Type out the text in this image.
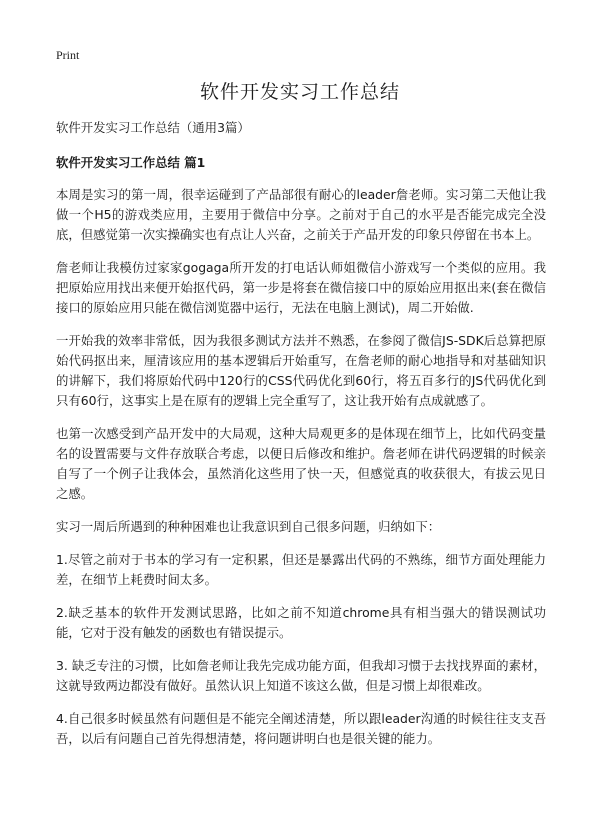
Print
软件开发实习工作总结

软件开发实习工作总结（通用3篇）

软件开发实习工作总结 篇1

本周是实习的第一周，很幸运碰到了产品部很有耐心的leader詹老师。实习第二天他让我做一个H5的游戏类应用，主要用于微信中分享。之前对于自己的水平是否能完成完全没底，但感觉第一次实操确实也有点让人兴奋，之前关于产品开发的印象只停留在书本上。

詹老师让我模仿过家家gogaga所开发的打电话认师姐微信小游戏写一个类似的应用。我把原始应用找出来便开始抠代码，第一步是将套在微信接口中的原始应用抠出来(套在微信接口的原始应用只能在微信浏览器中运行，无法在电脑上测试)，周二开始做.

一开始我的效率非常低，因为我很多测试方法并不熟悉，在参阅了微信JS-SDK后总算把原始代码抠出来，厘清该应用的基本逻辑后开始重写，在詹老师的耐心地指导和对基础知识的讲解下，我们将原始代码中120行的CSS代码优化到60行，将五百多行的JS代码优化到只有60行，这事实上是在原有的逻辑上完全重写了，这让我开始有点成就感了。

也第一次感受到产品开发中的大局观，这种大局观更多的是体现在细节上，比如代码变量名的设置需要与文件存放联合考虑，以便日后修改和维护。詹老师在讲代码逻辑的时候亲自写了一个例子让我体会，虽然消化这些用了快一天，但感觉真的收获很大，有拔云见日之感。

实习一周后所遇到的种种困难也让我意识到自己很多问题，归纳如下：

1.尽管之前对于书本的学习有一定积累，但还是暴露出代码的不熟练，细节方面处理能力差，在细节上耗费时间太多。

2.缺乏基本的软件开发测试思路，比如之前不知道chrome具有相当强大的错误测试功能，它对于没有触发的函数也有错误提示。

3. 缺乏专注的习惯，比如詹老师让我先完成功能方面，但我却习惯于去找找界面的素材，这就导致两边都没有做好。虽然认识上知道不该这么做，但是习惯上却很难改。

4.自己很多时候虽然有问题但是不能完全阐述清楚，所以跟leader沟通的时候往往支支吾吾，以后有问题自己首先得想清楚，将问题讲明白也是很关键的能力。
